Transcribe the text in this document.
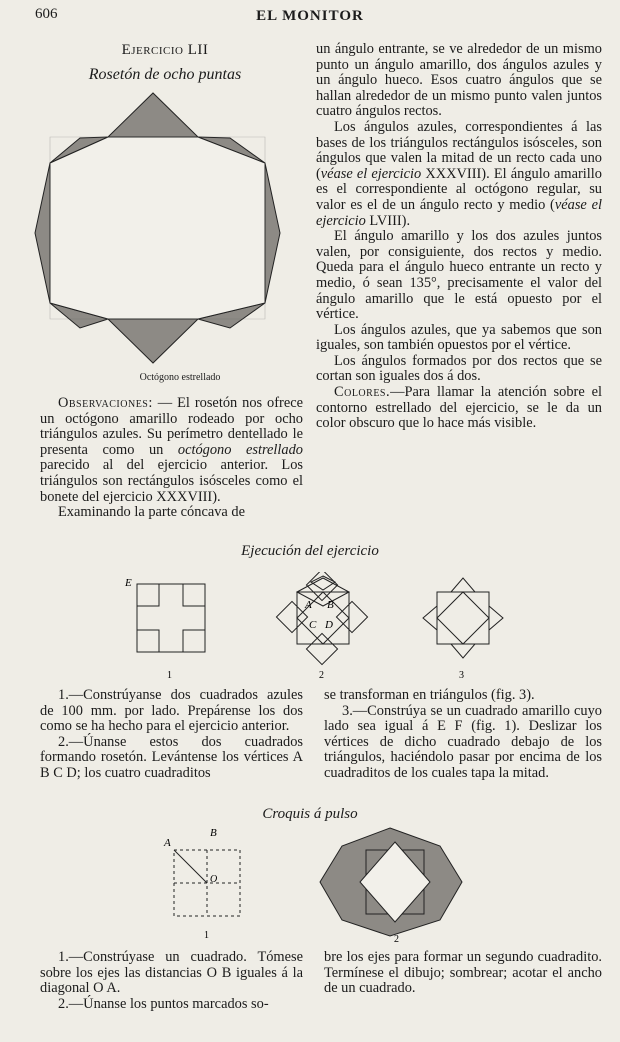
606	EL MONITOR
Ejercicio LII
Rosetón de ocho puntas
Octógono estrellado

Observaciones: — El rosetón nos ofrece un octógono amarillo rodeado por ocho triángulos azules. Su perímetro dentellado le presenta como un octógono estrellado parecido al del ejercicio anterior. Los triángulos son rectángulos isósceles como el bonete del ejercicio XXXVIII).

Examinando la parte cóncava de

un ángulo entrante, se ve alrededor de un mismo punto un ángulo amarillo, dos ángulos azules y un ángulo hueco. Esos cuatro ángulos que se hallan alrededor de un mismo punto valen juntos cuatro ángulos rectos.

Los ángulos azules, correspondientes á las bases de los triángulos rectángulos isósceles, son ángulos que valen la mitad de un recto cada uno (véase el ejercicio XXXVIII). El ángulo amarillo es el correspondiente al octógono regular, su valor es el de un ángulo recto y medio (véase el ejercicio LVIII).

El ángulo amarillo y los dos azules juntos valen, por consiguiente, dos rectos y medio. Queda para el ángulo hueco entrante un recto y medio, ó sean 135°, precisamente el valor del ángulo amarillo que le está opuesto por el vértice.

Los ángulos azules, que ya sabemos que son iguales, son también opuestos por el vértice.

Los ángulos formados por dos rectos que se cortan son iguales dos á dos.

Colores.—Para llamar la atención sobre el contorno estrellado del ejercicio, se le da un color obscuro que lo hace más visible.

Ejecución del ejercicio
E
1
A B
C D
2	3

1.—Constrúyanse dos cuadrados azules de 100 mm. por lado. Prepárense los dos como se ha hecho para el ejercicio anterior.

2.—Únanse estos dos cuadrados formando rosetón. Levántense los vértices A B C D; los cuatro cuadraditos

se transforman en triángulos (fig. 3).

3.—Constrúya se un cuadrado amarillo cuyo lado sea igual á E F (fig. 1). Deslizar los vértices de dicho cuadrado debajo de los triángulos, haciéndolo pasar por encima de los cuadraditos de los cuales tapa la mitad.

Croquis á pulso
A
B
O
1	2

1.—Constrúyase un cuadrado. Tómese sobre los ejes las distancias O B iguales á la diagonal O A.

2.—Únanse los puntos marcados so-

bre los ejes para formar un segundo cuadradito. Termínese el dibujo; sombrear; acotar el ancho de un cuadrado.
